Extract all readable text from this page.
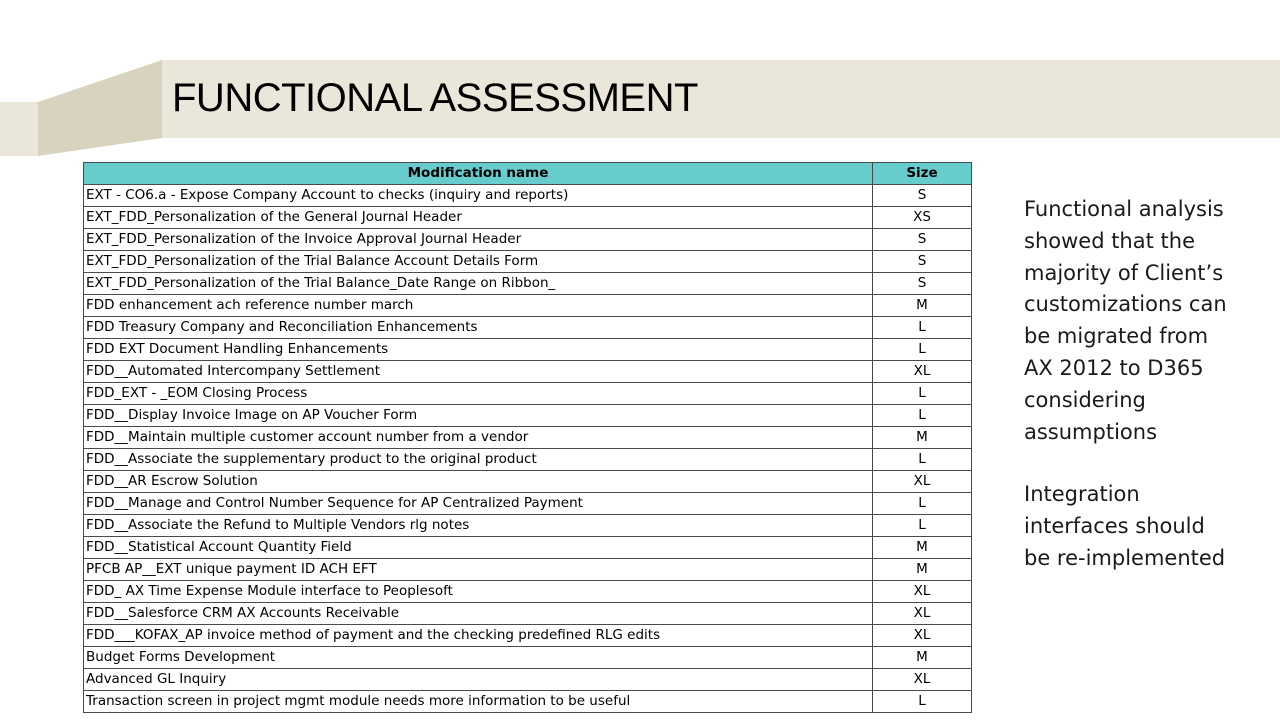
FUNCTIONAL ASSESSMENT
Modification name	Size
EXT - CO6.a - Expose Company Account to checks (inquiry and reports)	S
EXT_FDD_Personalization of the General Journal Header	XS
EXT_FDD_Personalization of the Invoice Approval Journal Header	S
EXT_FDD_Personalization of the Trial Balance Account Details Form	S
EXT_FDD_Personalization of the Trial Balance_Date Range on Ribbon_	S
FDD enhancement ach reference number march	M
FDD Treasury Company and Reconciliation Enhancements	L
FDD EXT Document Handling Enhancements	L
FDD__Automated Intercompany Settlement	XL
FDD_EXT - _EOM Closing Process	L
FDD__Display Invoice Image on AP Voucher Form	L
FDD__Maintain multiple customer account number from a vendor	M
FDD__Associate the supplementary product to the original product	L
FDD__AR Escrow Solution	XL
FDD__Manage and Control Number Sequence for AP Centralized Payment	L
FDD__Associate the Refund to Multiple Vendors rlg notes	L
FDD__Statistical Account Quantity Field	M
PFCB AP__EXT unique payment ID ACH EFT	M
FDD_ AX Time Expense Module interface to Peoplesoft	XL
FDD__Salesforce CRM AX Accounts Receivable	XL
FDD___KOFAX_AP invoice method of payment and the checking predefined RLG edits	XL
Budget Forms Development	M
Advanced GL Inquiry	XL
Transaction screen in project mgmt module needs more information to be useful	L

Functional analysis
showed that the
majority of Client’s
customizations can
be migrated from
AX 2012 to D365
considering
assumptions

Integration
interfaces should
be re-implemented
